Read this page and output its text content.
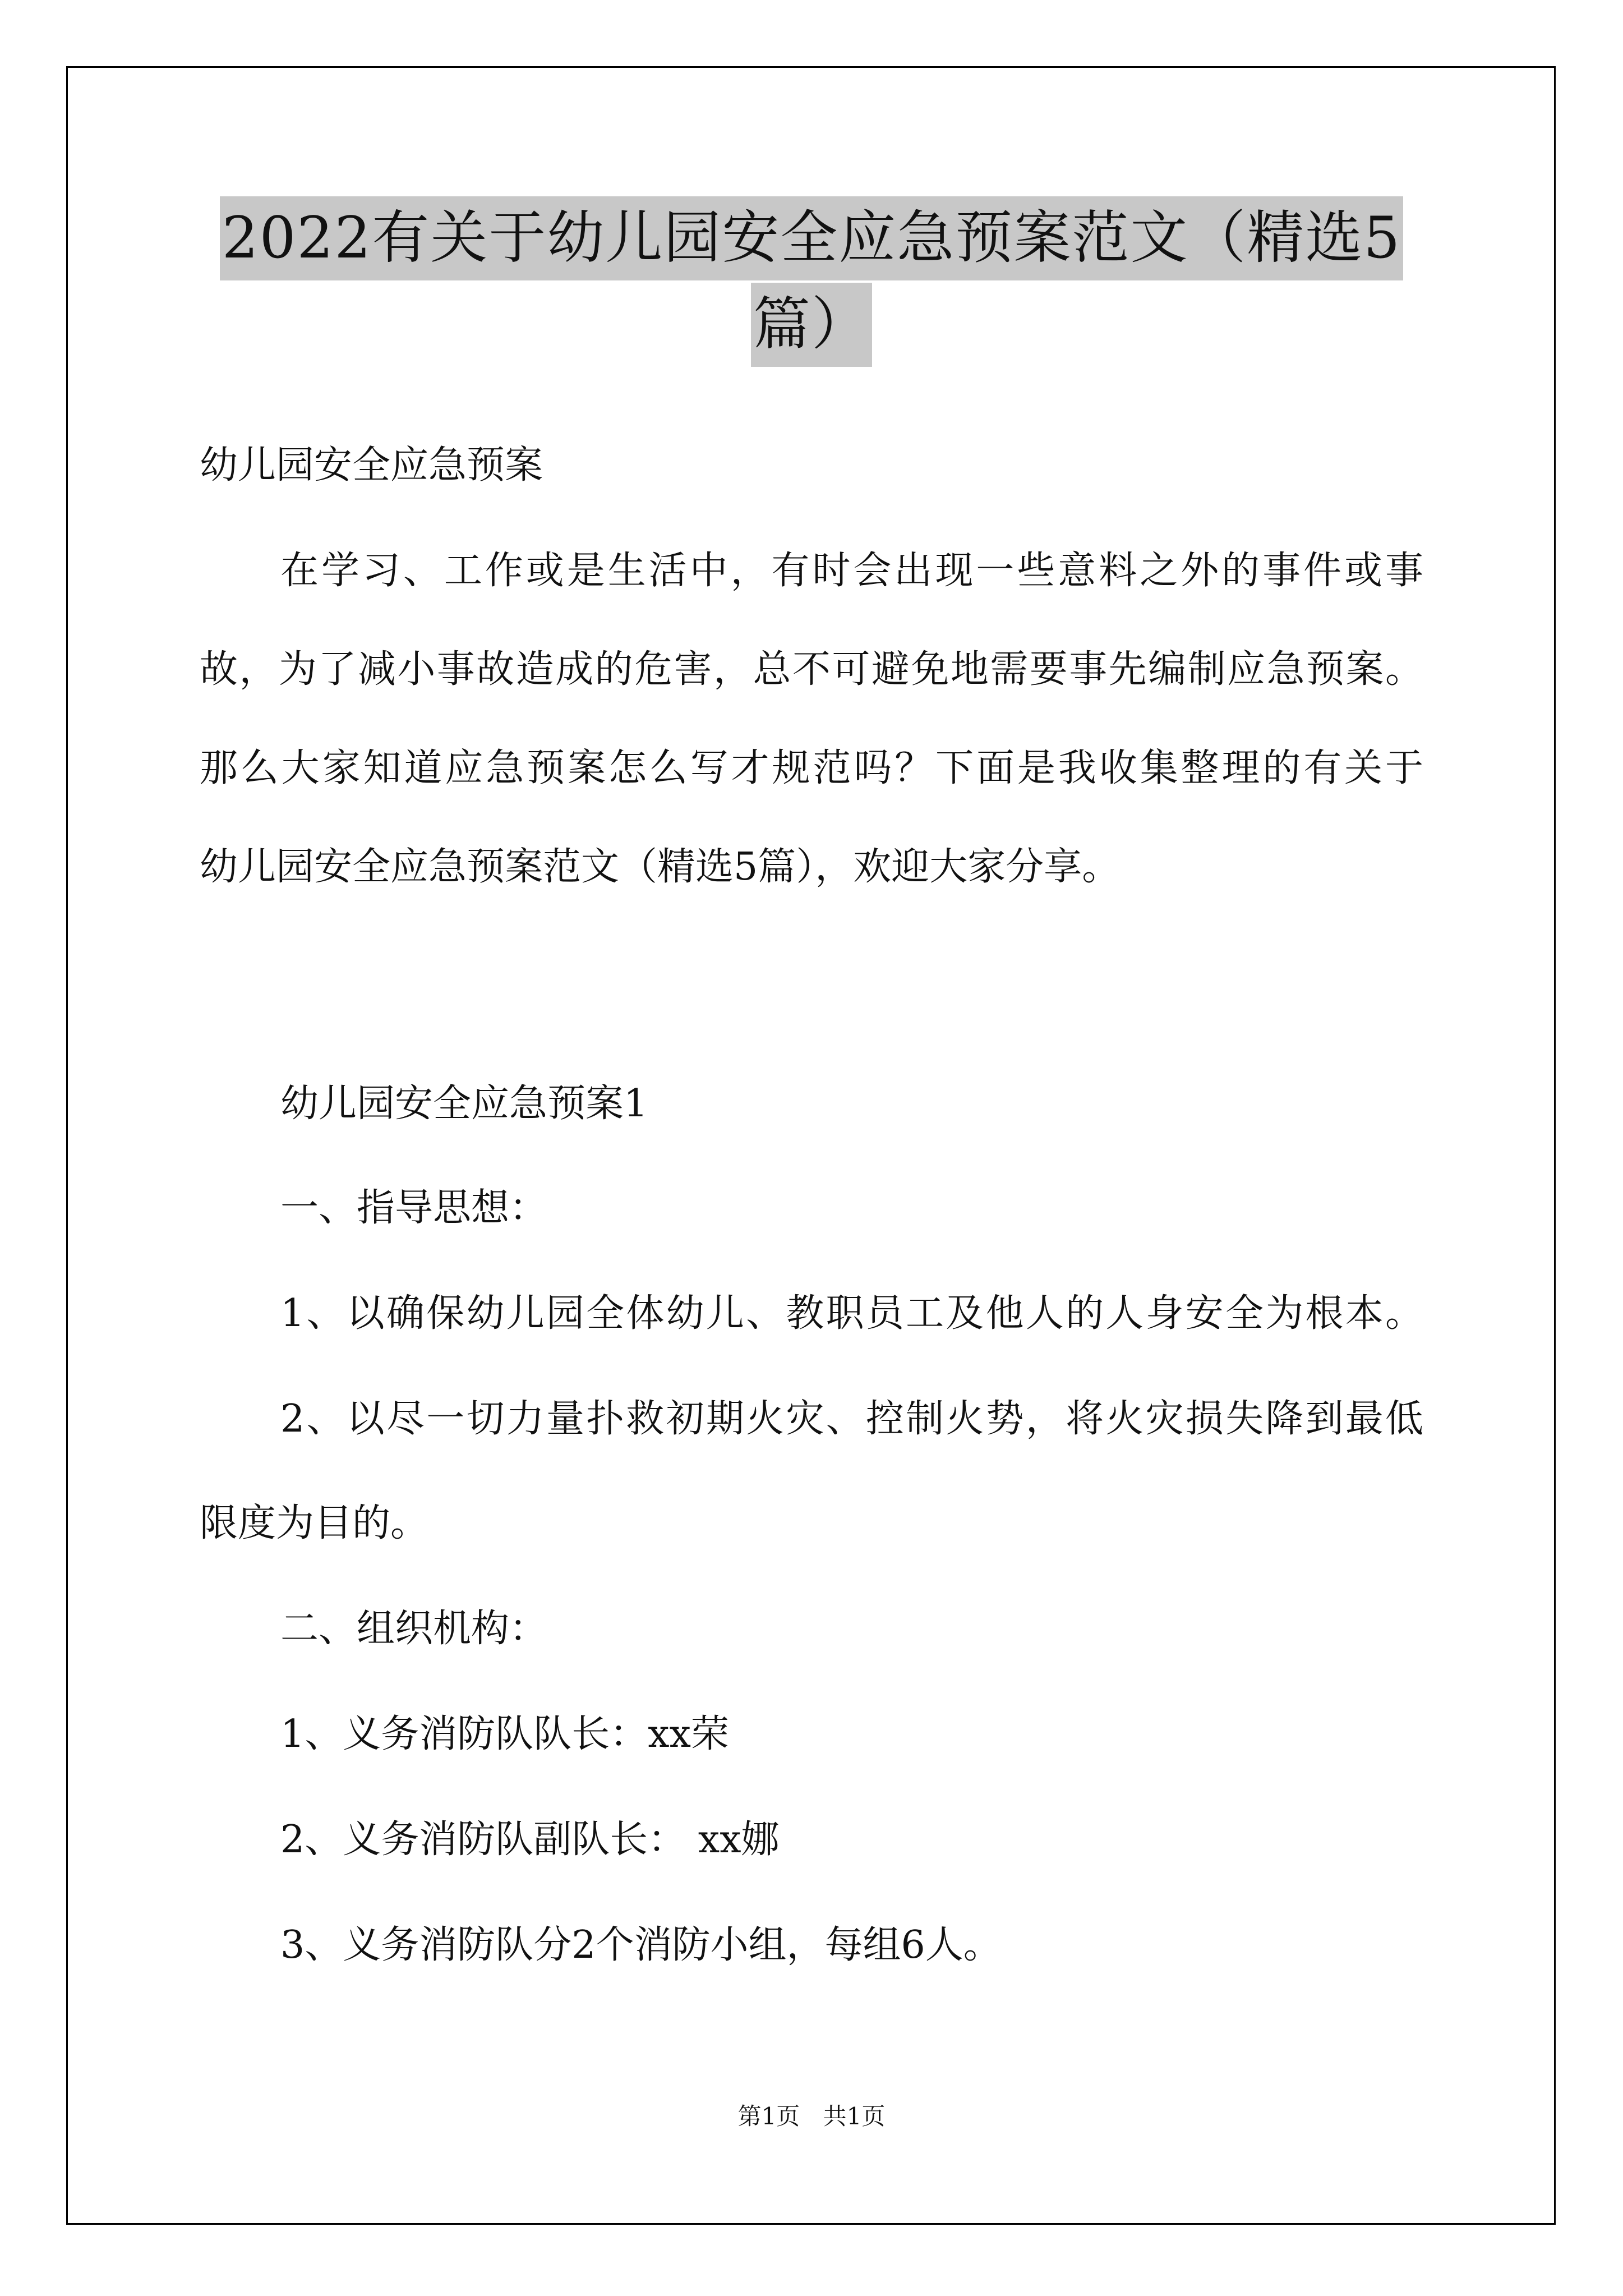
2022有关于幼儿园安全应急预案范文（精选5
篇）
幼儿园安全应急预案
在学习、工作或是生活中，有时会出现一些意料之外的事件或事
故，为了减小事故造成的危害，总不可避免地需要事先编制应急预案。
那么大家知道应急预案怎么写才规范吗？下面是我收集整理的有关于
幼儿园安全应急预案范文（精选5篇），欢迎大家分享。
幼儿园安全应急预案1
一、指导思想：
1、以确保幼儿园全体幼儿、教职员工及他人的人身安全为根本。
2、以尽一切力量扑救初期火灾、控制火势，将火灾损失降到最低
限度为目的。
二、组织机构：
1、义务消防队队长：xx荣
2、义务消防队副队长： xx娜
3、义务消防队分2个消防小组，每组6人。
第1页 共1页
